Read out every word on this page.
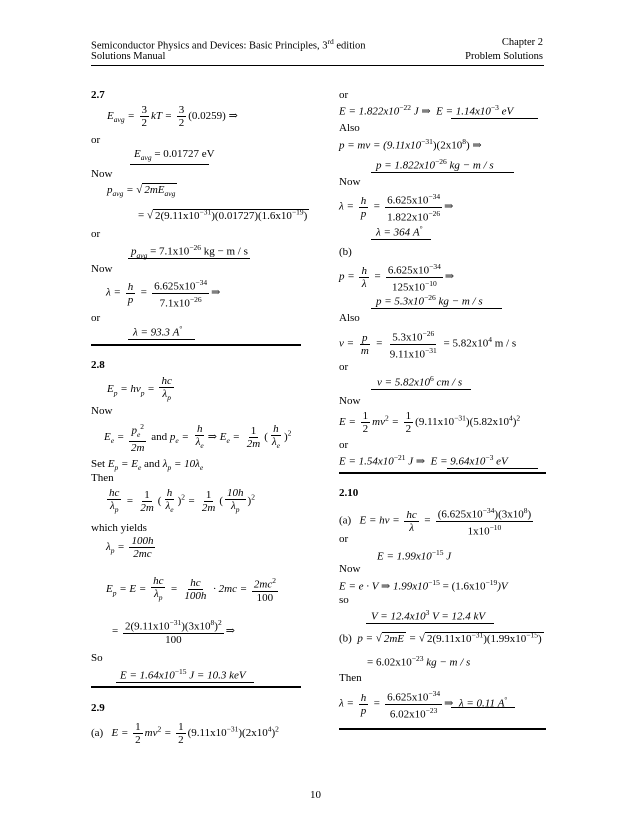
Semiconductor Physics and Devices: Basic Principles, 3rd edition
Solutions Manual
Chapter 2
Problem Solutions
2.7
$E_{avg} = \frac{3}{2}$ kT = $\frac{3}{2} (0.0259)$ ⇒
or
$E_{avg} = 0.01727$ eV
Now
$p_{avg}$ = √ $2mE_{avg}$
= √ $2(9.11x10^{-31})(0.01727)(1.6x10^{-19})$
or
$p_{avg} = 7.1x10^{-26}$ kg − m / s
Now
$\lambda = \frac{h}{p} = \frac{6.625x10^{-34}}{7.1x10^{-26}}$ ⇒
or
λ = 93.3 A°
2.8
$E_p = h\nu_p = \frac{hc}{\lambda_p}$
Now
$E_e = \frac{p_e^2}{2m}$ and $p_e = \frac{h}{\lambda_e}$ ⇒ $E_e = \frac{1}{2m}$ ( $\frac{h}{\lambda_e} )^2$
Set $E_p = E_e$ and $\lambda_p = 10\lambda_e$
Then
$\frac{hc}{\lambda_p} = \frac{1}{2m}$ ( $\frac{h}{\lambda_e} )^2 = \frac{1}{2m}$ ( $\frac{10h}{\lambda_p} )^2$
which yields
$\lambda_p = \frac{100h}{2mc}$
$E_p = E = \frac{hc}{\lambda_p} = \frac{hc}{100h} \cdot 2mc = \frac{2mc^2}{100}$
= $\frac{2(9.11x10^{-31})(3x10^8)^2}{100}$ ⇒
So
$E = 1.64x10^{-15}$ J = 10.3 keV
2.9
(a)   $E = \frac{1}{2} mv^2 = \frac{1}{2} (9.11x10^{-31})(2x10^4)^2$
or
$E = 1.822x10^{-22}$ J ⇒ $E = 1.14x10^{-3}$ eV
Also
p = mv = $(9.11x10^{-31})(2x10^8)$ ⇒
$p = 1.822x10^{-26}$ kg − m / s
Now
$\lambda = \frac{h}{p} = \frac{6.625x10^{-34}}{1.822x10^{-26}}$ ⇒
λ = 364 A°
(b)
$p = \frac{h}{\lambda} = \frac{6.625x10^{-34}}{125x10^{-10}}$ ⇒
$p = 5.3x10^{-26}$ kg − m / s
Also
$v = \frac{p}{m} = \frac{5.3x10^{-26}}{9.11x10^{-31}} = 5.82x10^4$ m / s
or
$v = 5.82x10^6$ cm / s
Now
$E = \frac{1}{2} mv^2 = \frac{1}{2} (9.11x10^{-31})(5.82x10^4)^2$
or
$E = 1.54x10^{-21}$ J ⇒ $E = 9.64x10^{-3}$ eV
2.10
(a)   $E = h\nu = \frac{hc}{\lambda} = \frac{(6.625x10^{-34})(3x10^8)}{1x10^{-10}}$
or
$E = 1.99x10^{-15}$ J
Now
E = e · V ⇒ $1.99x10^{-15} = (1.6x10^{-19})V$
so
$V = 12.4x10^3$ V = 12.4 kV
(b) p = √ 2mE = √ $2(9.11x10^{-31})(1.99x10^{-15})$
= $6.02x10^{-23}$ kg − m / s
Then
$\lambda = \frac{h}{p} = \frac{6.625x10^{-34}}{6.02x10^{-23}}$ ⇒ λ = 0.11 A°
10
